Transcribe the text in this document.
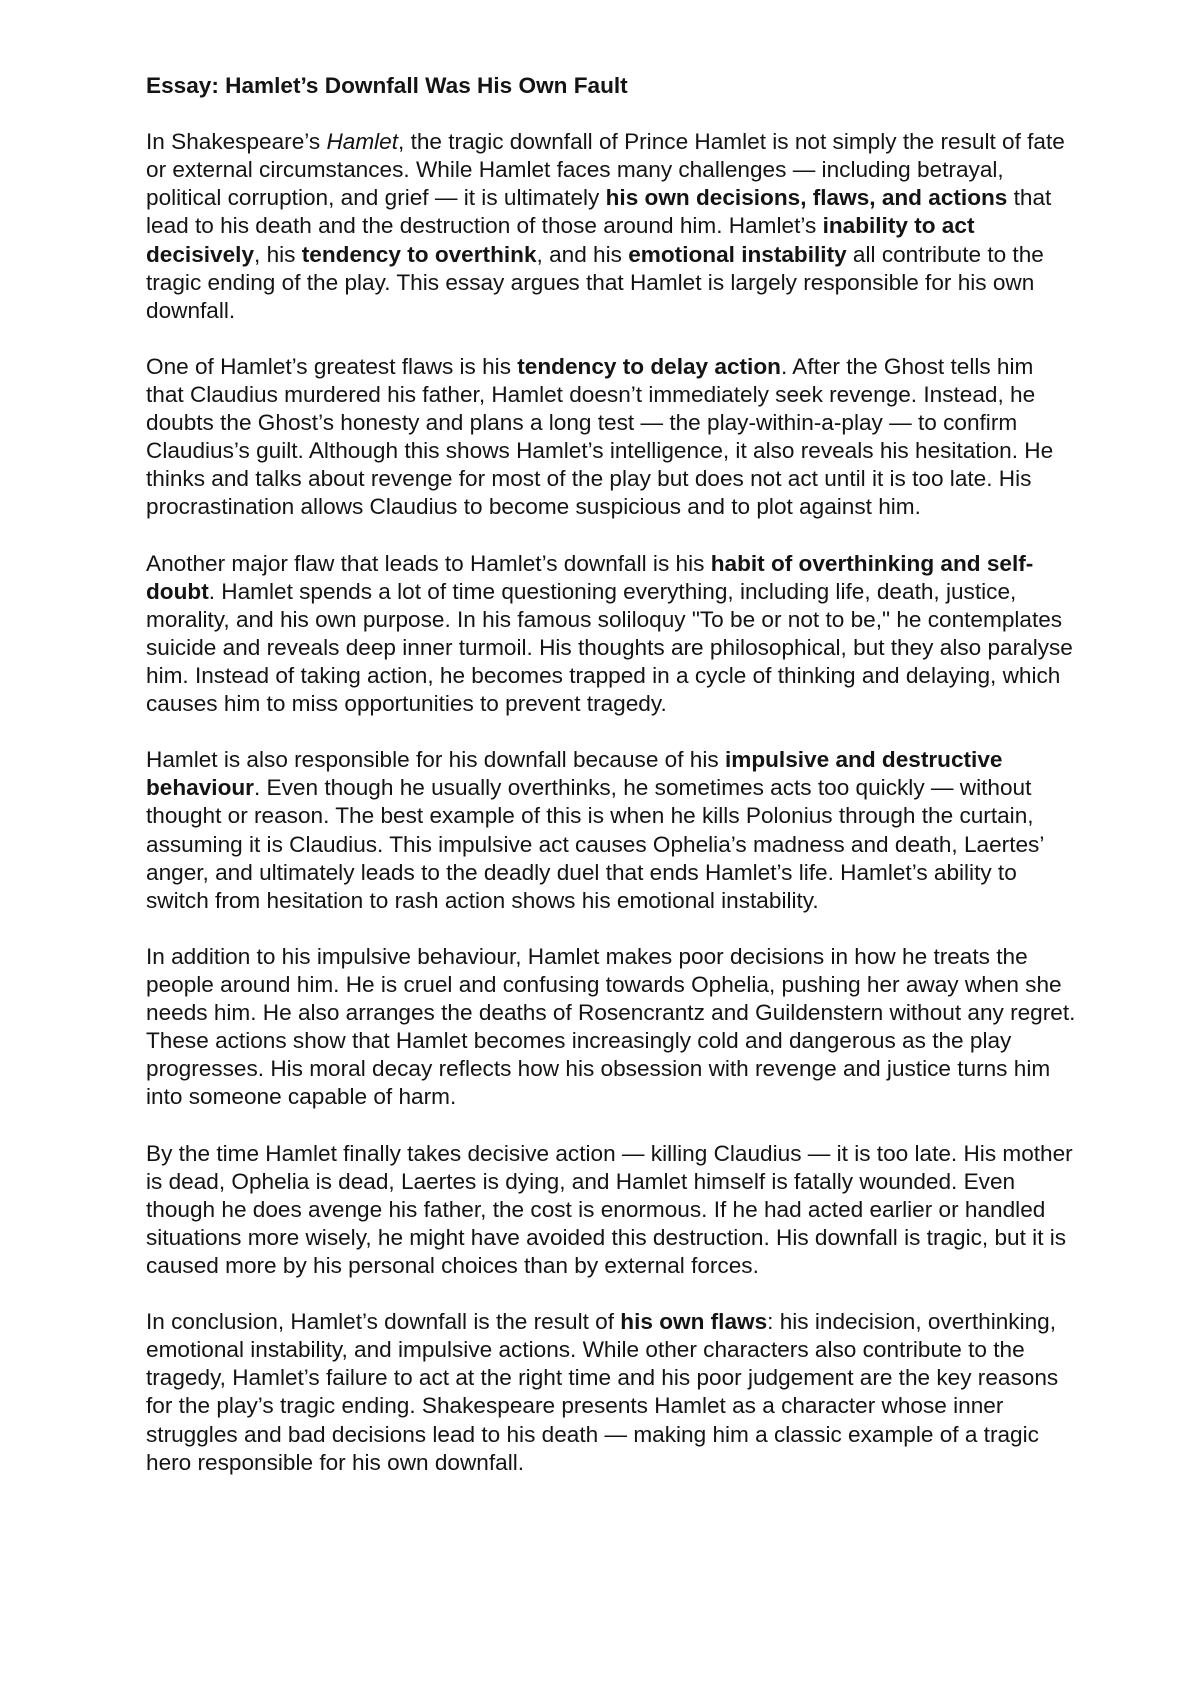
Essay: Hamlet’s Downfall Was His Own Fault

In Shakespeare’s Hamlet, the tragic downfall of Prince Hamlet is not simply the result of fate or external circumstances. While Hamlet faces many challenges — including betrayal, political corruption, and grief — it is ultimately his own decisions, flaws, and actions that lead to his death and the destruction of those around him. Hamlet’s inability to act decisively, his tendency to overthink, and his emotional instability all contribute to the tragic ending of the play. This essay argues that Hamlet is largely responsible for his own downfall.

One of Hamlet’s greatest flaws is his tendency to delay action. After the Ghost tells him that Claudius murdered his father, Hamlet doesn’t immediately seek revenge. Instead, he doubts the Ghost’s honesty and plans a long test — the play-within-a-play — to confirm Claudius’s guilt. Although this shows Hamlet’s intelligence, it also reveals his hesitation. He thinks and talks about revenge for most of the play but does not act until it is too late. His procrastination allows Claudius to become suspicious and to plot against him.

Another major flaw that leads to Hamlet’s downfall is his habit of overthinking and self-doubt. Hamlet spends a lot of time questioning everything, including life, death, justice, morality, and his own purpose. In his famous soliloquy "To be or not to be," he contemplates suicide and reveals deep inner turmoil. His thoughts are philosophical, but they also paralyse him. Instead of taking action, he becomes trapped in a cycle of thinking and delaying, which causes him to miss opportunities to prevent tragedy.

Hamlet is also responsible for his downfall because of his impulsive and destructive behaviour. Even though he usually overthinks, he sometimes acts too quickly — without thought or reason. The best example of this is when he kills Polonius through the curtain, assuming it is Claudius. This impulsive act causes Ophelia’s madness and death, Laertes’ anger, and ultimately leads to the deadly duel that ends Hamlet’s life. Hamlet’s ability to switch from hesitation to rash action shows his emotional instability.

In addition to his impulsive behaviour, Hamlet makes poor decisions in how he treats the people around him. He is cruel and confusing towards Ophelia, pushing her away when she needs him. He also arranges the deaths of Rosencrantz and Guildenstern without any regret. These actions show that Hamlet becomes increasingly cold and dangerous as the play progresses. His moral decay reflects how his obsession with revenge and justice turns him into someone capable of harm.

By the time Hamlet finally takes decisive action — killing Claudius — it is too late. His mother is dead, Ophelia is dead, Laertes is dying, and Hamlet himself is fatally wounded. Even though he does avenge his father, the cost is enormous. If he had acted earlier or handled situations more wisely, he might have avoided this destruction. His downfall is tragic, but it is caused more by his personal choices than by external forces.

In conclusion, Hamlet’s downfall is the result of his own flaws: his indecision, overthinking, emotional instability, and impulsive actions. While other characters also contribute to the tragedy, Hamlet’s failure to act at the right time and his poor judgement are the key reasons for the play’s tragic ending. Shakespeare presents Hamlet as a character whose inner struggles and bad decisions lead to his death — making him a classic example of a tragic hero responsible for his own downfall.
